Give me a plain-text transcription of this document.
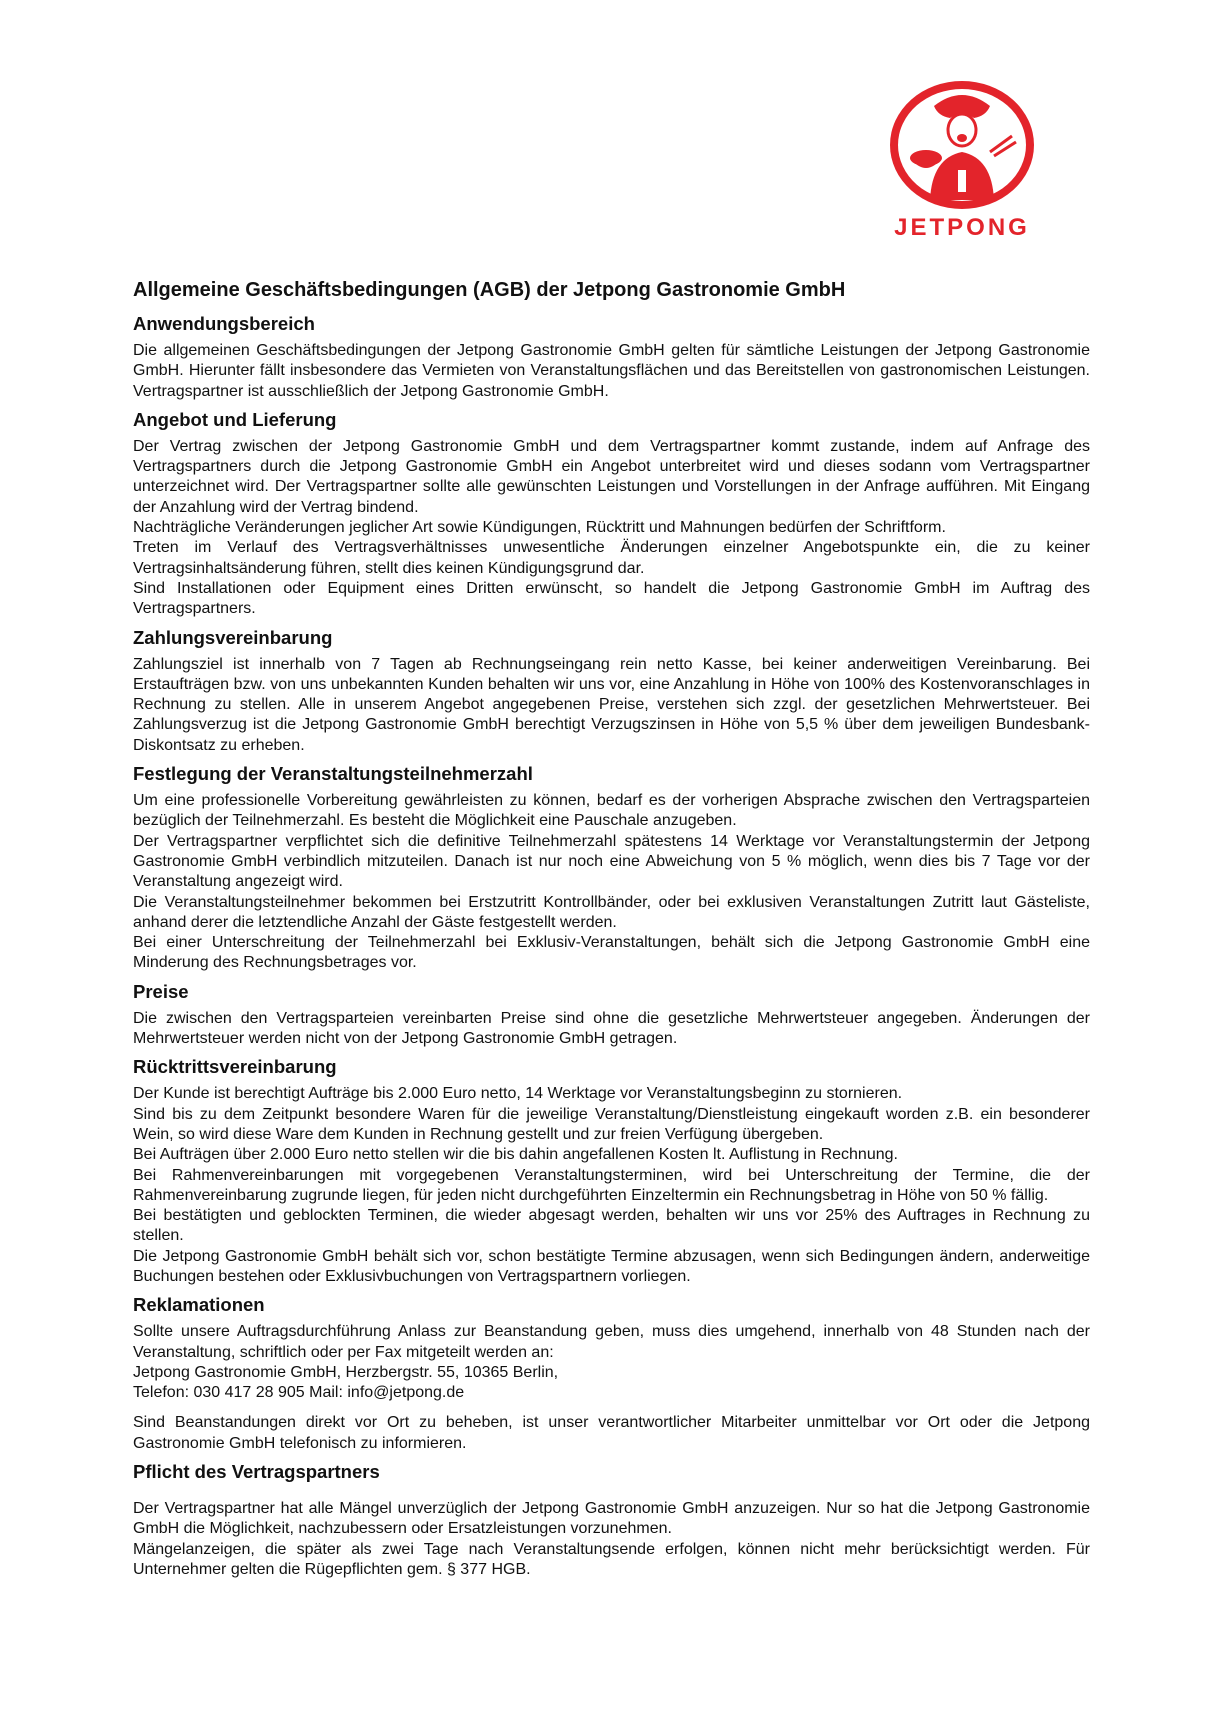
JETPONG
Allgemeine Geschäftsbedingungen (AGB) der Jetpong Gastronomie GmbH
Anwendungsbereich

Die allgemeinen Geschäftsbedingungen der Jetpong Gastronomie GmbH gelten für sämtliche Leistungen der Jetpong Gastronomie GmbH. Hierunter fällt insbesondere das Vermieten von Veranstaltungsflächen und das Bereitstellen von gastronomischen Leistungen. Vertragspartner ist ausschließlich der Jetpong Gastronomie GmbH.

Angebot und Lieferung

Der Vertrag zwischen der Jetpong Gastronomie GmbH und dem Vertragspartner kommt zustande, indem auf Anfrage des Vertragspartners durch die Jetpong Gastronomie GmbH ein Angebot unterbreitet wird und dieses sodann vom Vertragspartner unterzeichnet wird. Der Vertragspartner sollte alle gewünschten Leistungen und Vorstellungen in der Anfrage aufführen. Mit Eingang der Anzahlung wird der Vertrag bindend.

Nachträgliche Veränderungen jeglicher Art sowie Kündigungen, Rücktritt und Mahnungen bedürfen der Schriftform.

Treten im Verlauf des Vertragsverhältnisses unwesentliche Änderungen einzelner Angebotspunkte ein, die zu keiner Vertragsinhaltsänderung führen, stellt dies keinen Kündigungsgrund dar.

Sind Installationen oder Equipment eines Dritten erwünscht, so handelt die Jetpong Gastronomie GmbH im Auftrag des Vertragspartners.

Zahlungsvereinbarung

Zahlungsziel ist innerhalb von 7 Tagen ab Rechnungseingang rein netto Kasse, bei keiner anderweitigen Vereinbarung. Bei Erstaufträgen bzw. von uns unbekannten Kunden behalten wir uns vor, eine Anzahlung in Höhe von 100% des Kostenvoranschlages in Rechnung zu stellen. Alle in unserem Angebot angegebenen Preise, verstehen sich zzgl. der gesetzlichen Mehrwertsteuer. Bei Zahlungsverzug ist die Jetpong Gastronomie GmbH berechtigt Verzugszinsen in Höhe von 5,5 % über dem jeweiligen Bundesbank-Diskontsatz zu erheben.

Festlegung der Veranstaltungsteilnehmerzahl

Um eine professionelle Vorbereitung gewährleisten zu können, bedarf es der vorherigen Absprache zwischen den Vertragsparteien bezüglich der Teilnehmerzahl. Es besteht die Möglichkeit eine Pauschale anzugeben.

Der Vertragspartner verpflichtet sich die definitive Teilnehmerzahl spätestens 14 Werktage vor Veranstaltungstermin der Jetpong Gastronomie GmbH verbindlich mitzuteilen. Danach ist nur noch eine Abweichung von 5 % möglich, wenn dies bis 7 Tage vor der Veranstaltung angezeigt wird.

Die Veranstaltungsteilnehmer bekommen bei Erstzutritt Kontrollbänder, oder bei exklusiven Veranstaltungen Zutritt laut Gästeliste, anhand derer die letztendliche Anzahl der Gäste festgestellt werden.

Bei einer Unterschreitung der Teilnehmerzahl bei Exklusiv-Veranstaltungen, behält sich die Jetpong Gastronomie GmbH eine Minderung des Rechnungsbetrages vor.

Preise

Die zwischen den Vertragsparteien vereinbarten Preise sind ohne die gesetzliche Mehrwertsteuer angegeben. Änderungen der Mehrwertsteuer werden nicht von der Jetpong Gastronomie GmbH getragen.

Rücktrittsvereinbarung

Der Kunde ist berechtigt Aufträge bis 2.000 Euro netto, 14 Werktage vor Veranstaltungsbeginn zu stornieren.

Sind bis zu dem Zeitpunkt besondere Waren für die jeweilige Veranstaltung/Dienstleistung eingekauft worden z.B. ein besonderer Wein, so wird diese Ware dem Kunden in Rechnung gestellt und zur freien Verfügung übergeben.

Bei Aufträgen über 2.000 Euro netto stellen wir die bis dahin angefallenen Kosten lt. Auflistung in Rechnung.

Bei Rahmenvereinbarungen mit vorgegebenen Veranstaltungsterminen, wird bei Unterschreitung der Termine, die der Rahmenvereinbarung zugrunde liegen, für jeden nicht durchgeführten Einzeltermin ein Rechnungsbetrag in Höhe von 50 % fällig.

Bei bestätigten und geblockten Terminen, die wieder abgesagt werden, behalten wir uns vor 25% des Auftrages in Rechnung zu stellen.

Die Jetpong Gastronomie GmbH behält sich vor, schon bestätigte Termine abzusagen, wenn sich Bedingungen ändern, anderweitige Buchungen bestehen oder Exklusivbuchungen von Vertragspartnern vorliegen.

Reklamationen

Sollte unsere Auftragsdurchführung Anlass zur Beanstandung geben, muss dies umgehend, innerhalb von 48 Stunden nach der Veranstaltung, schriftlich oder per Fax mitgeteilt werden an:

Jetpong Gastronomie GmbH, Herzbergstr. 55, 10365 Berlin,

Telefon: 030 417 28 905 Mail: info@jetpong.de

Sind Beanstandungen direkt vor Ort zu beheben, ist unser verantwortlicher Mitarbeiter unmittelbar vor Ort oder die Jetpong Gastronomie GmbH telefonisch zu informieren.

Pflicht des Vertragspartners

Der Vertragspartner hat alle Mängel unverzüglich der Jetpong Gastronomie GmbH anzuzeigen. Nur so hat die Jetpong Gastronomie GmbH die Möglichkeit, nachzubessern oder Ersatzleistungen vorzunehmen.

Mängelanzeigen, die später als zwei Tage nach Veranstaltungsende erfolgen, können nicht mehr berücksichtigt werden. Für Unternehmer gelten die Rügepflichten gem. § 377 HGB.
